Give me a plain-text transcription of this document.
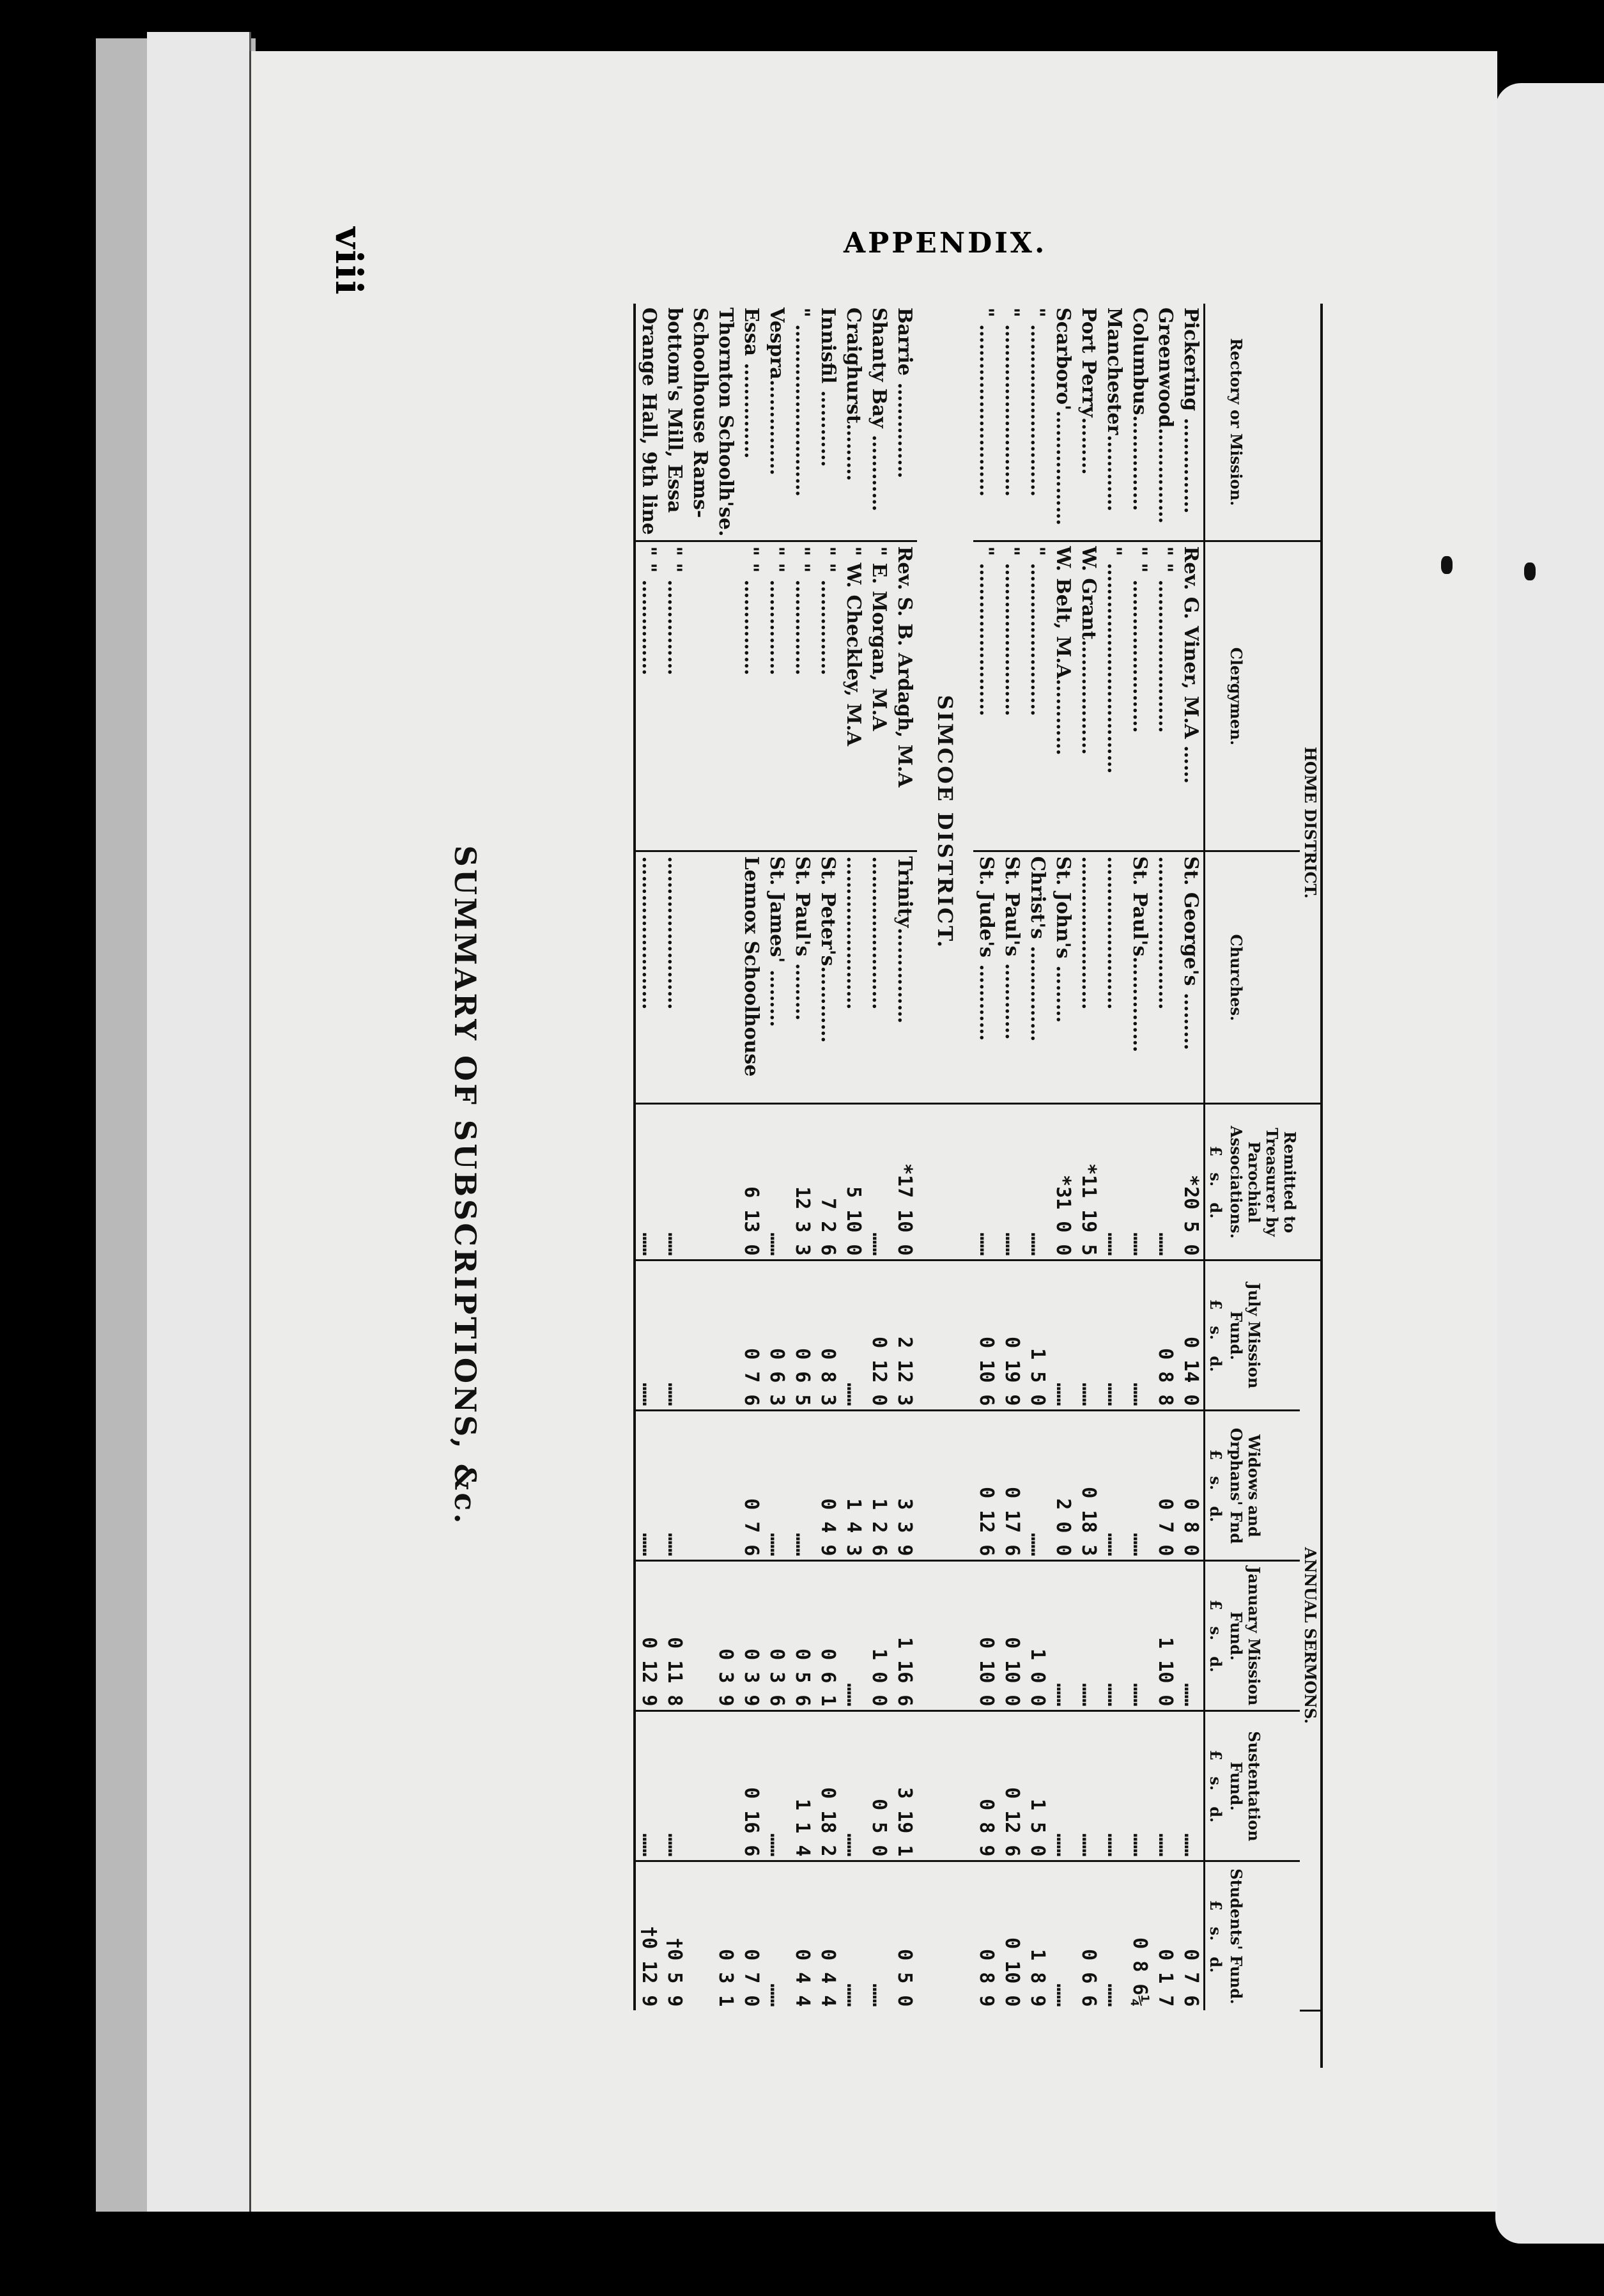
viii	APPENDIX.
	HOME DISTRICT.			ANNUAL SERMONS.					
Rectory or Mission.	Clergymen.	Churches.	Remitted to Treasurer by Parochial Associations.	July Mission Fund.	Widows and Orphans' Fnd	January Mission Fund.	Sustentation Fund.	Students' Fund.	
			£   s.   d.	£   s.   d.	£   s.   d.	£   s.   d.	£   s.   d.	£   s.   d.	
Pickering ……………	Rev. G. Viner, M.A ……	St. George's ………	*20 5 0	0 14 0	0 8 0	……	……	0 7 6	
Greenwood……………	" " ……………………	……………………	……	0 8 8	0 7 0	1 10 0	……	0 1 7	
Columbus……………	" " ……………………	St. Paul's……………	……	……	……	……	……	0 8 6¼	
Manchester…………	" ……………………………	……………………	……	……	……	……	……	……	
Port Perry………	W. Grant………………	……………………	*11 19 5	……	0 18 3	……	……	0 6 6	
Scarboro'………………	W. Belt, M.A…………	St. John's ………	*31 0 0	……	2 0 0	……	……	……	
" ………………………	" ……………………	Christ's ……………	……	1 5 0	……	1 0 0	1 5 0	1 8 9	
" ………………………	" ……………………	St. Paul's …………	……	0 19 9	0 17 6	0 10 0	0 12 6	0 10 0	
" ………………………	" ……………………	St. Jude's …………	……	0 10 6	0 12 6	0 10 0	0 8 9	0 8 9	
	SIMCOE DISTRICT.								
Barrie ……………	Rev. S. B. Ardagh, M.A	Trinity……………	*17 10 0	2 12 3	3 3 9	1 16 6	3 19 1	0 5 0	
Shanty Bay …………	" E. Morgan, M.A	……………………	……	0 12 0	1 2 6	1 0 0	0 5 0	……	
Craighurst………	" W. Checkley, M.A	……………………	5 10 0	……	1 4 3	……	……	……	
Innisfil …………	" " ……………	St. Peter's…………	7 2 6	0 8 3	0 4 9	0 6 1	0 18 2	0 4 4	
" ………………………	" " ……………	St. Paul's ………	12 3 3	0 6 5	……	0 5 6	1 1 4	0 4 4	
Vespra……………	" " ……………	St. James' ………	……	0 6 3	……	0 3 6	……	……	
Essa ……………	" " ……………	Lennox Schoolhouse	6 13 0	0 7 6	0 7 6	0 3 9	0 16 6	0 7 0	
Thornton Schoolh'se.						0 3 9		0 3 1	
Schoolhouse Rams-									
bottom's Mill, Essa	" " ……………	……………………	……	……	……	0 11 8	……	†0 5 9	
Orange Hall, 9th line	" " ……………	……………………	……	……	……	0 12 9	……	†0 12 9	
SUMMARY OF SUBSCRIPTIONS, &c.
